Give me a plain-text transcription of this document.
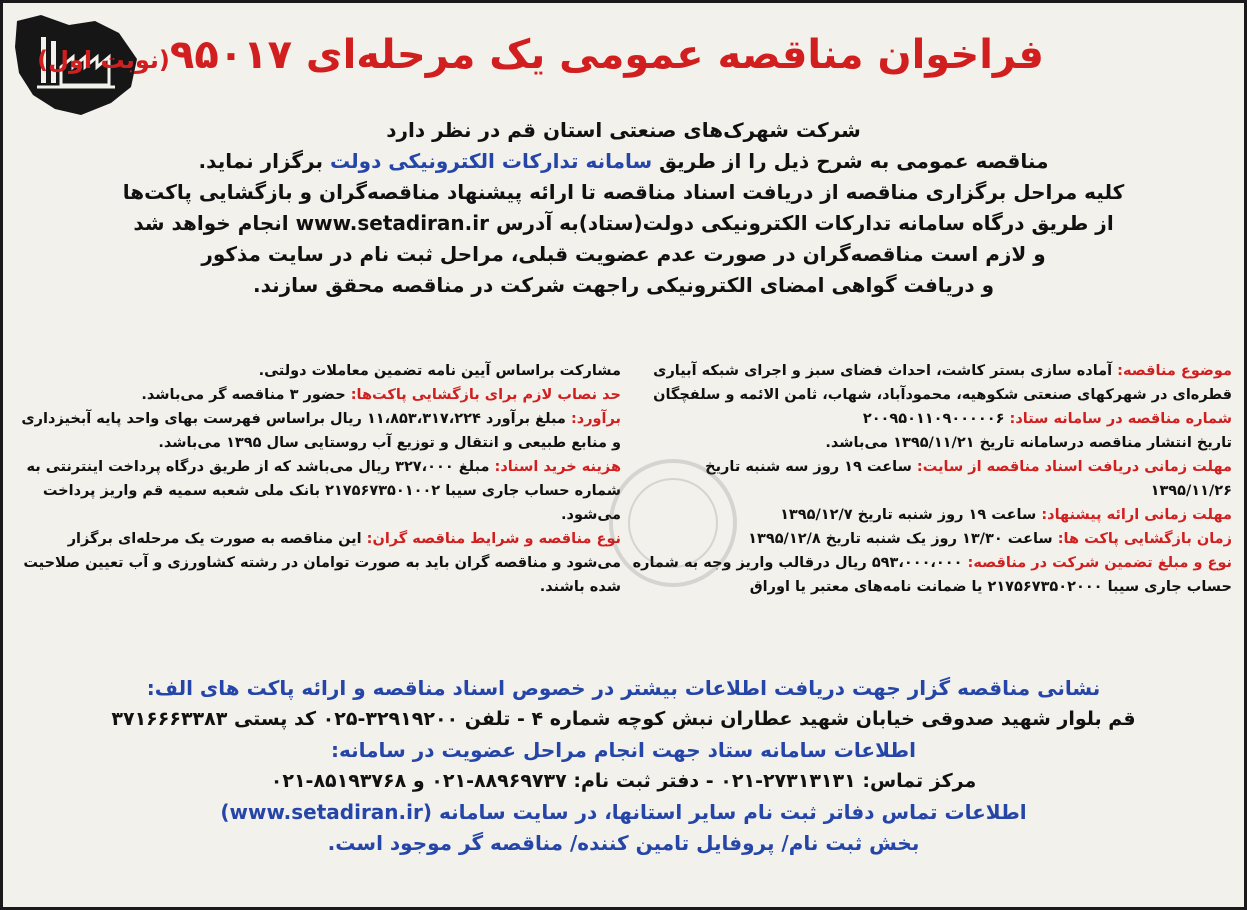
فراخوان مناقصه عمومی یک مرحله‌ای ۹۵۰۱۷(نوبت اول)
شرکت شهرک‌های صنعتی استان قم در نظر دارد
مناقصه عمومی به شرح ذیل را از طریق سامانه تدارکات الکترونیکی دولت برگزار نماید.
کلیه مراحل برگزاری مناقصه از دریافت اسناد مناقصه تا ارائه پیشنهاد مناقصه‌گران و بازگشایی پاکت‌ها
از طریق درگاه سامانه تدارکات الکترونیکی دولت(ستاد)به آدرس www.setadiran.ir انجام خواهد شد
و لازم است مناقصه‌گران در صورت عدم عضویت قبلی، مراحل ثبت نام در سایت مذکور
و دریافت گواهی امضای الکترونیکی راجهت شرکت در مناقصه محقق سازند.

موضوع مناقصه: آماده سازی بستر کاشت، احداث فضای سبز و اجرای شبکه آبیاری قطره‌ای در شهرکهای صنعتی شکوهیه، محمودآباد، شهاب، ثامن الائمه و سلفچگان

شماره مناقصه در سامانه ستاد: ۲۰۰۹۵۰۱۱۰۹۰۰۰۰۰۶

تاریخ انتشار مناقصه درسامانه تاریخ ۱۳۹۵/۱۱/۲۱ می‌باشد.

مهلت زمانی دریافت اسناد مناقصه از سایت: ساعت ۱۹ روز سه شنبه تاریخ ۱۳۹۵/۱۱/۲۶

مهلت زمانی ارائه پیشنهاد: ساعت ۱۹ روز شنبه تاریخ ۱۳۹۵/۱۲/۷

زمان بازگشایی پاکت ها: ساعت ۱۳/۳۰ روز یک شنبه تاریخ ۱۳۹۵/۱۲/۸

نوع و مبلغ تضمین شرکت در مناقصه: ۵۹۳،۰۰۰،۰۰۰ ریال درقالب واریز وجه به شماره حساب جاری سیبا ۲۱۷۵۶۷۳۵۰۲۰۰۰ یا ضمانت نامه‌های معتبر یا اوراق

مشارکت براساس آیین نامه تضمین معاملات دولتی.

حد نصاب لازم برای بازگشایی پاکت‌ها: حضور ۳ مناقصه گر می‌باشد.

برآورد: مبلغ برآورد ۱۱،۸۵۳،۳۱۷،۲۲۴ ریال براساس فهرست بهای واحد پایه آبخیزداری و منابع طبیعی و انتقال و توزیع آب روستایی سال ۱۳۹۵ می‌باشد.

هزینه خرید اسناد: مبلغ ۳۲۷،۰۰۰ ریال می‌باشد که از طریق درگاه پرداخت اینترنتی به شماره حساب جاری سیبا ۲۱۷۵۶۷۳۵۰۱۰۰۲ بانک ملی شعبه سمیه قم واریز پرداخت می‌شود.

نوع مناقصه و شرایط مناقصه گران: این مناقصه به صورت یک مرحله‌ای برگزار می‌شود و مناقصه گران باید به صورت توامان در رشته کشاورزی و آب تعیین صلاحیت شده باشند.

نشانی مناقصه گزار جهت دریافت اطلاعات بیشتر در خصوص اسناد مناقصه و ارائه پاکت های الف:
قم بلوار شهید صدوقی خیابان شهید عطاران نبش کوچه شماره ۴ - تلفن ۳۲۹۱۹۲۰۰-۰۲۵ کد پستی ۳۷۱۶۶۶۳۳۸۳
اطلاعات سامانه ستاد جهت انجام مراحل عضویت در سامانه:
مرکز تماس: ۲۷۳۱۳۱۳۱-۰۲۱ - دفتر ثبت نام: ۸۸۹۶۹۷۳۷-۰۲۱ و ۸۵۱۹۳۷۶۸-۰۲۱
اطلاعات تماس دفاتر ثبت نام سایر استانها، در سایت سامانه (www.setadiran.ir)
بخش ثبت نام/ پروفایل تامین کننده/ مناقصه گر موجود است.
